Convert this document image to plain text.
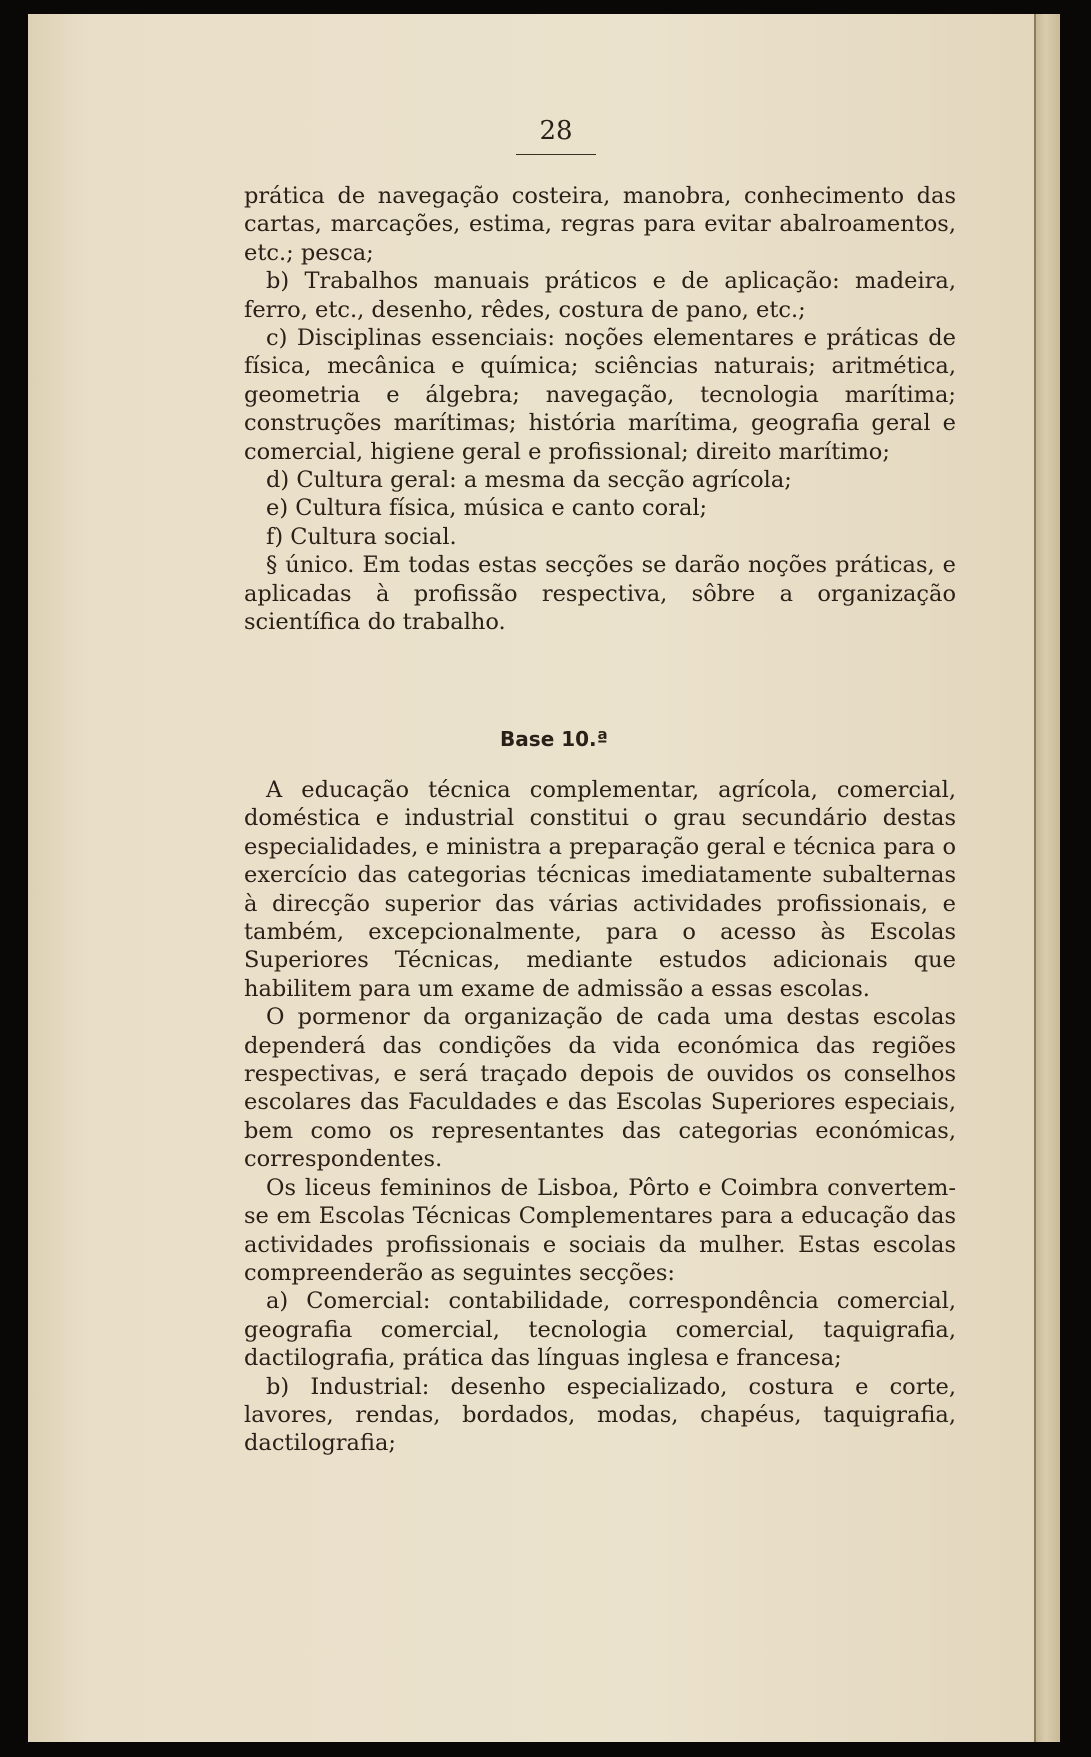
28

prática de navegação costeira, manobra, conhecimento das cartas, marcações, estima, regras para evitar abalroamentos, etc.; pesca;

b) Trabalhos manuais práticos e de aplicação: madeira, ferro, etc., desenho, rêdes, costura de pano, etc.;

c) Disciplinas essenciais: noções elementares e práticas de física, mecânica e química; sciências naturais; aritmética, geometria e álgebra; navegação, tecnologia marítima; construções marítimas; história marítima, geografia geral e comercial, higiene geral e profissional; direito marítimo;

d) Cultura geral: a mesma da secção agrícola;

e) Cultura física, música e canto coral;

f) Cultura social.

§ único. Em todas estas secções se darão noções práticas, e aplicadas à profissão respectiva, sôbre a organização scientífica do trabalho.

Base 10.ª

A educação técnica complementar, agrícola, comercial, doméstica e industrial constitui o grau secundário destas especialidades, e ministra a preparação geral e técnica para o exercício das categorias técnicas imediatamente subalternas à direcção superior das várias actividades profissionais, e também, excepcionalmente, para o acesso às Escolas Superiores Técnicas, mediante estudos adicionais que habilitem para um exame de admissão a essas escolas.

O pormenor da organização de cada uma destas escolas dependerá das condições da vida económica das regiões respectivas, e será traçado depois de ouvidos os conselhos escolares das Faculdades e das Escolas Superiores especiais, bem como os representantes das categorias económicas, correspondentes.

Os liceus femininos de Lisboa, Pôrto e Coimbra convertem-se em Escolas Técnicas Complementares para a educação das actividades profissionais e sociais da mulher. Estas escolas compreenderão as seguintes secções:

a) Comercial: contabilidade, correspondência comercial, geografia comercial, tecnologia comercial, taquigrafia, dactilografia, prática das línguas inglesa e francesa;

b) Industrial: desenho especializado, costura e corte, lavores, rendas, bordados, modas, chapéus, taquigrafia, dactilografia;
